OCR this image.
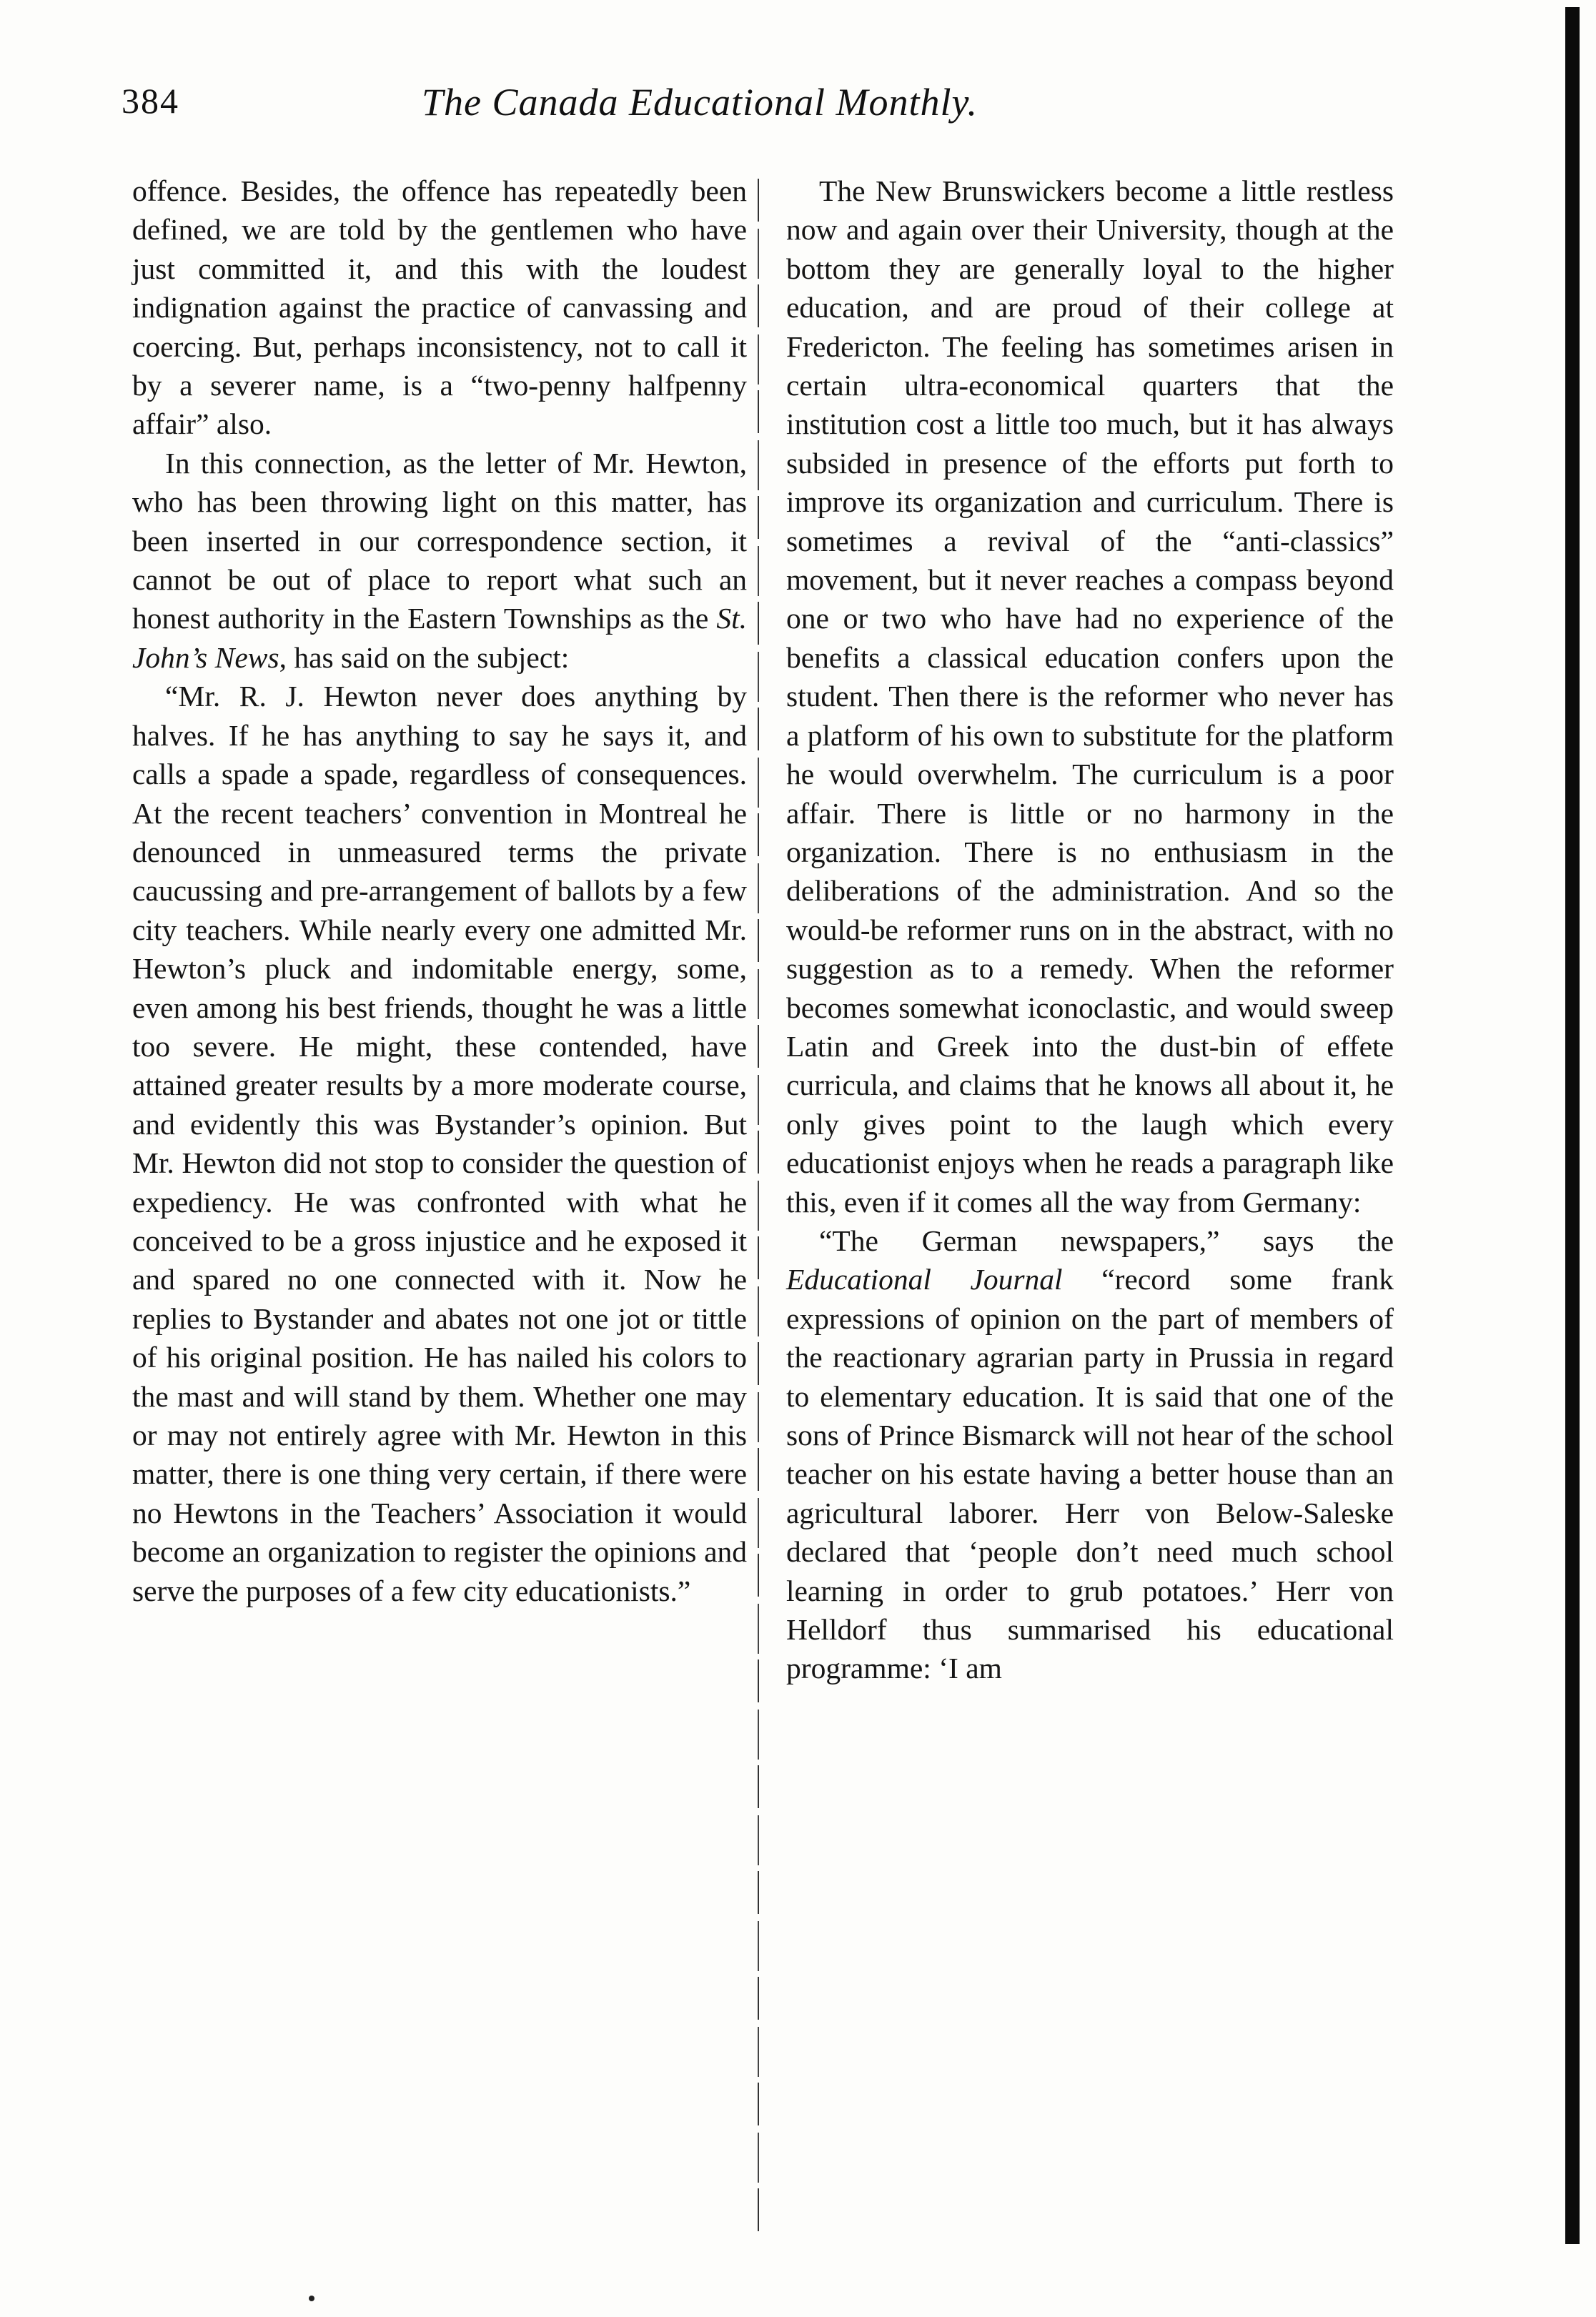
384	The Canada Educational Monthly.

offence. Besides, the offence has repeatedly been defined, we are told by the gentlemen who have just committed it, and this with the loudest indignation against the practice of canvassing and coercing. But, perhaps inconsistency, not to call it by a severer name, is a “two-penny halfpenny affair” also.

In this connection, as the letter of Mr. Hewton, who has been throwing light on this matter, has been inserted in our correspondence section, it cannot be out of place to report what such an honest authority in the Eastern Townships as the St. John’s News, has said on the subject:

“Mr. R. J. Hewton never does anything by halves. If he has anything to say he says it, and calls a spade a spade, regardless of consequences. At the recent teachers’ convention in Montreal he denounced in unmeasured terms the private caucussing and pre-arrangement of ballots by a few city teachers. While nearly every one admitted Mr. Hewton’s pluck and indomitable energy, some, even among his best friends, thought he was a little too severe. He might, these contended, have attained greater results by a more moderate course, and evidently this was Bystander’s opinion. But Mr. Hewton did not stop to consider the question of expediency. He was confronted with what he conceived to be a gross injustice and he exposed it and spared no one connected with it. Now he replies to Bystander and abates not one jot or tittle of his original position. He has nailed his colors to the mast and will stand by them. Whether one may or may not entirely agree with Mr. Hewton in this matter, there is one thing very certain, if there were no Hewtons in the Teachers’ Association it would become an organization to register the opinions and serve the purposes of a few city educationists.”

The New Brunswickers become a little restless now and again over their University, though at the bottom they are generally loyal to the higher education, and are proud of their college at Fredericton. The feeling has sometimes arisen in certain ultra-economical quarters that the institution cost a little too much, but it has always subsided in presence of the efforts put forth to improve its organization and curriculum. There is sometimes a revival of the “anti-classics” movement, but it never reaches a compass beyond one or two who have had no experience of the benefits a classical education confers upon the student. Then there is the reformer who never has a platform of his own to substitute for the platform he would overwhelm. The curriculum is a poor affair. There is little or no harmony in the organization. There is no enthusiasm in the deliberations of the administration. And so the would-be reformer runs on in the abstract, with no suggestion as to a remedy. When the reformer becomes somewhat iconoclastic, and would sweep Latin and Greek into the dust-bin of effete curricula, and claims that he knows all about it, he only gives point to the laugh which every educationist enjoys when he reads a paragraph like this, even if it comes all the way from Germany:

“The German newspapers,” says the Educational Journal “record some frank expressions of opinion on the part of members of the reactionary agrarian party in Prussia in regard to elementary education. It is said that one of the sons of Prince Bismarck will not hear of the school teacher on his estate having a better house than an agricultural laborer. Herr von Below-Saleske declared that ‘people don’t need much school learning in order to grub potatoes.’ Herr von Helldorf thus summarised his educational programme: ‘I am
